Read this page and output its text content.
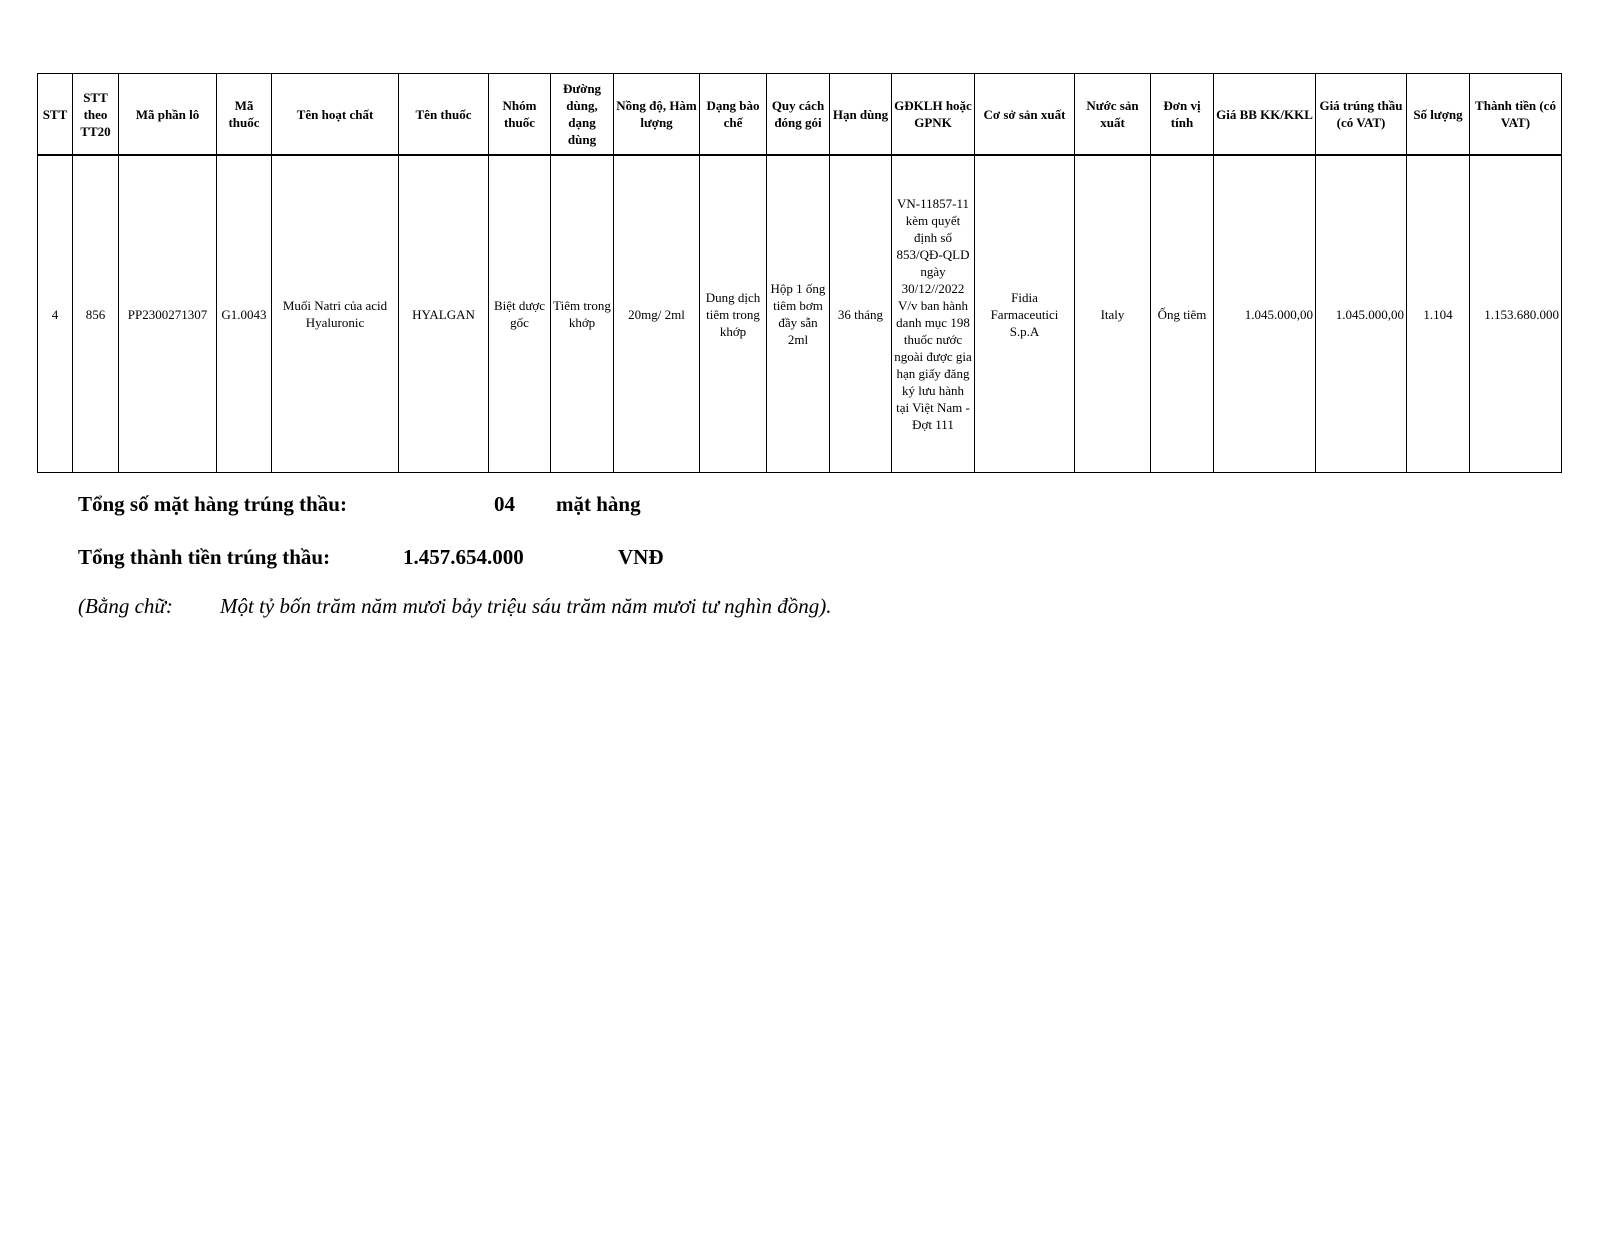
STT	STT theo TT20	Mã phần lô	Mã thuốc	Tên hoạt chất	Tên thuốc	Nhóm thuốc	Đường dùng, dạng dùng	Nồng độ, Hàm lượng	Dạng bào chế	Quy cách đóng gói	Hạn dùng	GĐKLH hoặc GPNK	Cơ sở sản xuất	Nước sản xuất	Đơn vị tính	Giá BB KK/KKL	Giá trúng thầu (có VAT)	Số lượng	Thành tiền (có VAT)
4	856	PP2300271307	G1.0043	Muối Natri của acid Hyaluronic	HYALGAN	Biệt dược gốc	Tiêm trong khớp	20mg/ 2ml	Dung dịch tiêm trong khớp	Hộp 1 ống tiêm bơm đầy sẵn 2ml	36 tháng	VN-11857-11 kèm quyết định số 853/QĐ-QLD ngày 30/12//2022 V/v ban hành danh mục 198 thuốc nước ngoài được gia hạn giấy đăng ký lưu hành tại Việt Nam - Đợt 111	Fidia Farmaceutici S.p.A	Italy	Ống tiêm	1.045.000,00	1.045.000,00	1.104	1.153.680.000
Tổng số mặt hàng trúng thầu:	04 mặt hàng
Tổng thành tiền trúng thầu:	1.457.654.000	VNĐ
(Bằng chữ: Một tỷ bốn trăm năm mươi bảy triệu sáu trăm năm mươi tư nghìn đồng).
